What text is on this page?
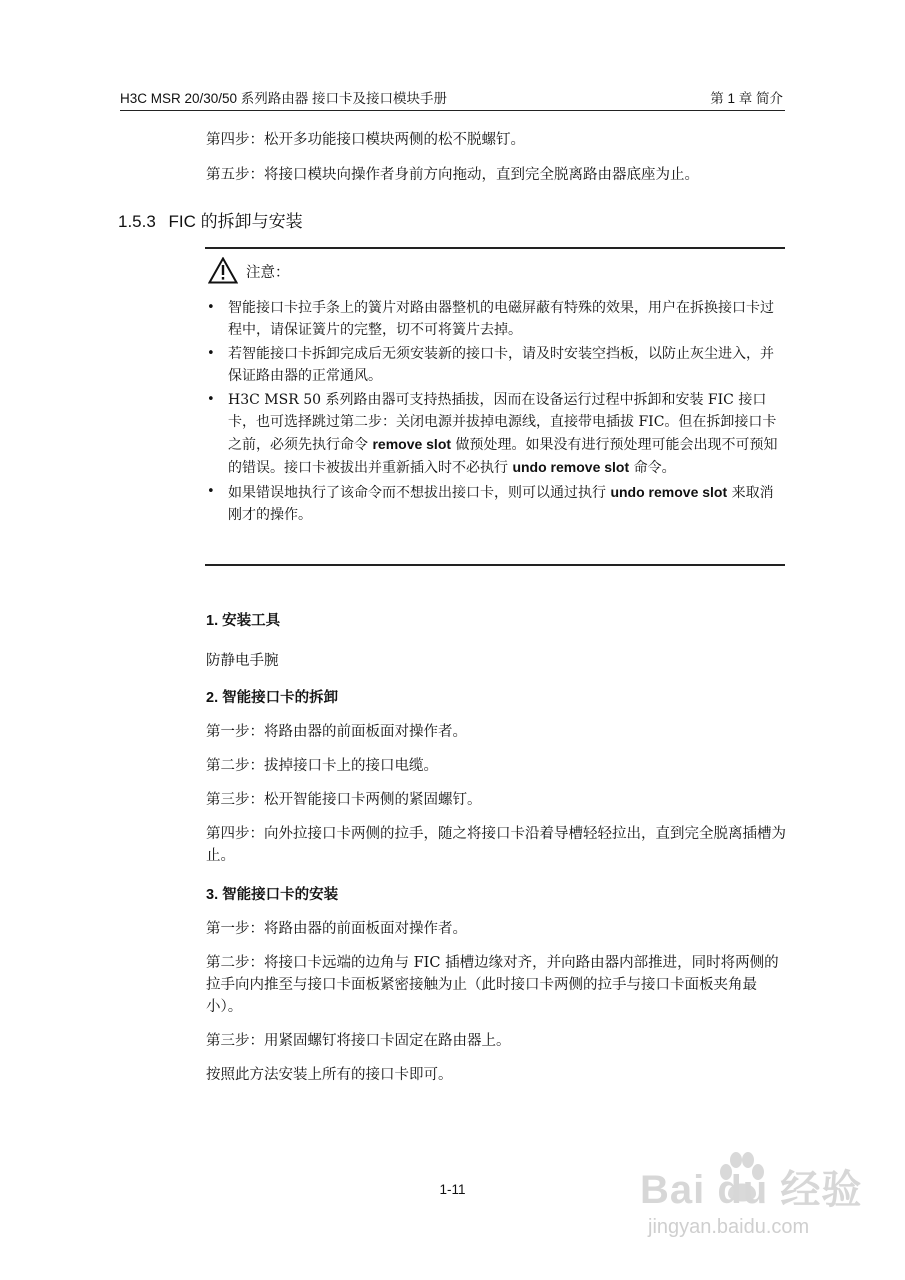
H3C MSR 20/30/50 系列路由器 接口卡及接口模块手册	第 1 章 简介

第四步：松开多功能接口模块两侧的松不脱螺钉。

第五步：将接口模块向操作者身前方向拖动，直到完全脱离路由器底座为止。

1.5.3 FIC 的拆卸与安装
注意：
• 智能接口卡拉手条上的簧片对路由器整机的电磁屏蔽有特殊的效果，用户在拆换接口卡过程中，请保证簧片的完整，切不可将簧片去掉。
• 若智能接口卡拆卸完成后无须安装新的接口卡，请及时安装空挡板，以防止灰尘进入，并保证路由器的正常通风。
• H3C MSR 50 系列路由器可支持热插拔，因而在设备运行过程中拆卸和安装 FIC 接口卡，也可选择跳过第二步：关闭电源并拔掉电源线，直接带电插拔 FIC。但在拆卸接口卡之前，必须先执行命令 remove slot 做预处理。如果没有进行预处理可能会出现不可预知的错误。接口卡被拔出并重新插入时不必执行 undo remove slot 命令。
• 如果错误地执行了该命令而不想拔出接口卡，则可以通过执行 undo remove slot 来取消刚才的操作。
1. 安装工具
防静电手腕
2. 智能接口卡的拆卸

第一步：将路由器的前面板面对操作者。

第二步：拔掉接口卡上的接口电缆。

第三步：松开智能接口卡两侧的紧固螺钉。

第四步：向外拉接口卡两侧的拉手，随之将接口卡沿着导槽轻轻拉出，直到完全脱离插槽为止。

3. 智能接口卡的安装

第一步：将路由器的前面板面对操作者。

第二步：将接口卡远端的边角与 FIC 插槽边缘对齐，并向路由器内部推进，同时将两侧的拉手向内推至与接口卡面板紧密接触为止（此时接口卡两侧的拉手与接口卡面板夹角最小）。

第三步：用紧固螺钉将接口卡固定在路由器上。

按照此方法安装上所有的接口卡即可。

1-11	Bai du 经验
jingyan.baidu.com
